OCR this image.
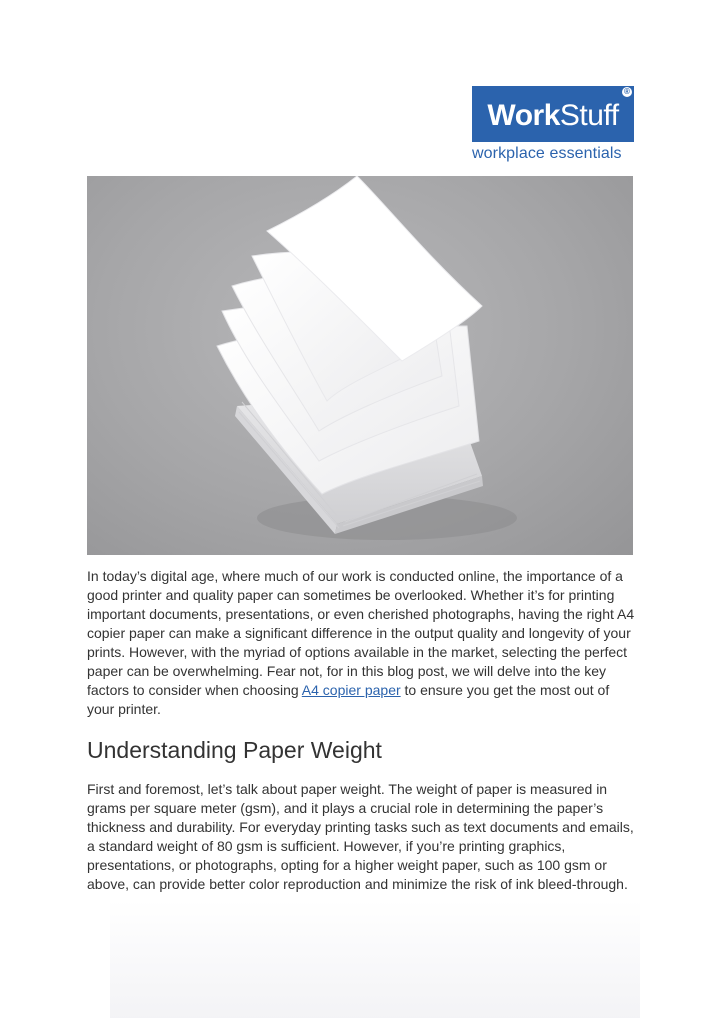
WorkStuff
®
workplace essentials
In today’s digital age, where much of our work is conducted online, the importance of a good printer and quality paper can sometimes be overlooked. Whether it’s for printing important documents, presentations, or even cherished photographs, having the right A4 copier paper can make a significant difference in the output quality and longevity of your prints. However, with the myriad of options available in the market, selecting the perfect paper can be overwhelming. Fear not, for in this blog post, we will delve into the key factors to consider when choosing A4 copier paper to ensure you get the most out of your printer.
Understanding Paper Weight
First and foremost, let’s talk about paper weight. The weight of paper is measured in grams per square meter (gsm), and it plays a crucial role in determining the paper’s thickness and durability. For everyday printing tasks such as text documents and emails, a standard weight of 80 gsm is sufficient. However, if you’re printing graphics, presentations, or photographs, opting for a higher weight paper, such as 100 gsm or above, can provide better color reproduction and minimize the risk of ink bleed-through.
